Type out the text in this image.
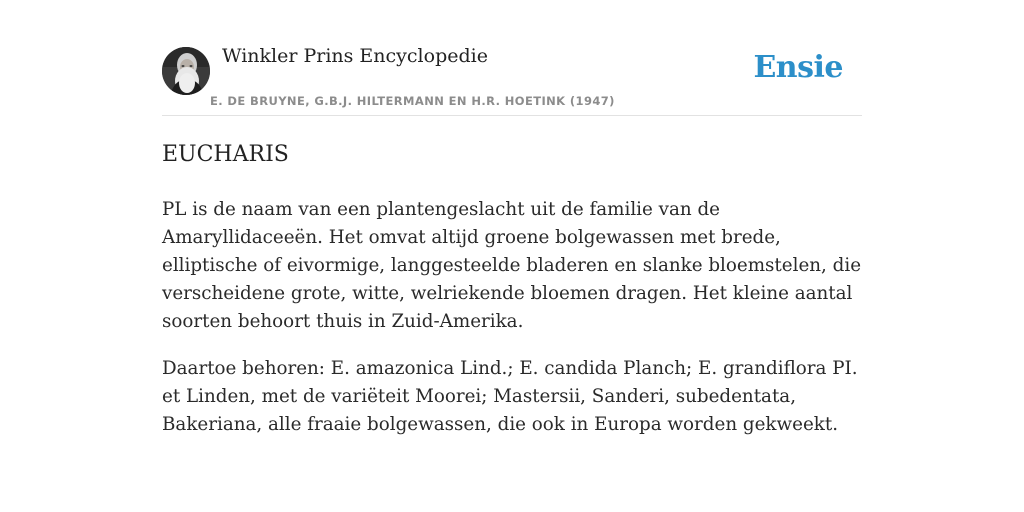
Winkler Prins Encyclopedie
E. DE BRUYNE, G.B.J. HILTERMANN EN H.R. HOETINK (1947)
Ensie
EUCHARIS

PL is de naam van een plantengeslacht uit de familie van de Amaryllidaceeën. Het omvat altijd groene bolgewassen met brede, elliptische of eivormige, langgesteelde bladeren en slanke bloemstelen, die verscheidene grote, witte, welriekende bloemen dragen. Het kleine aantal soorten behoort thuis in Zuid-Amerika.

Daartoe behoren: E. amazonica Lind.; E. candida Planch; E. grandiflora PI. et Linden, met de variëteit Moorei; Mastersii, Sanderi, subedentata, Bakeriana, alle fraaie bolgewassen, die ook in Europa worden gekweekt.
